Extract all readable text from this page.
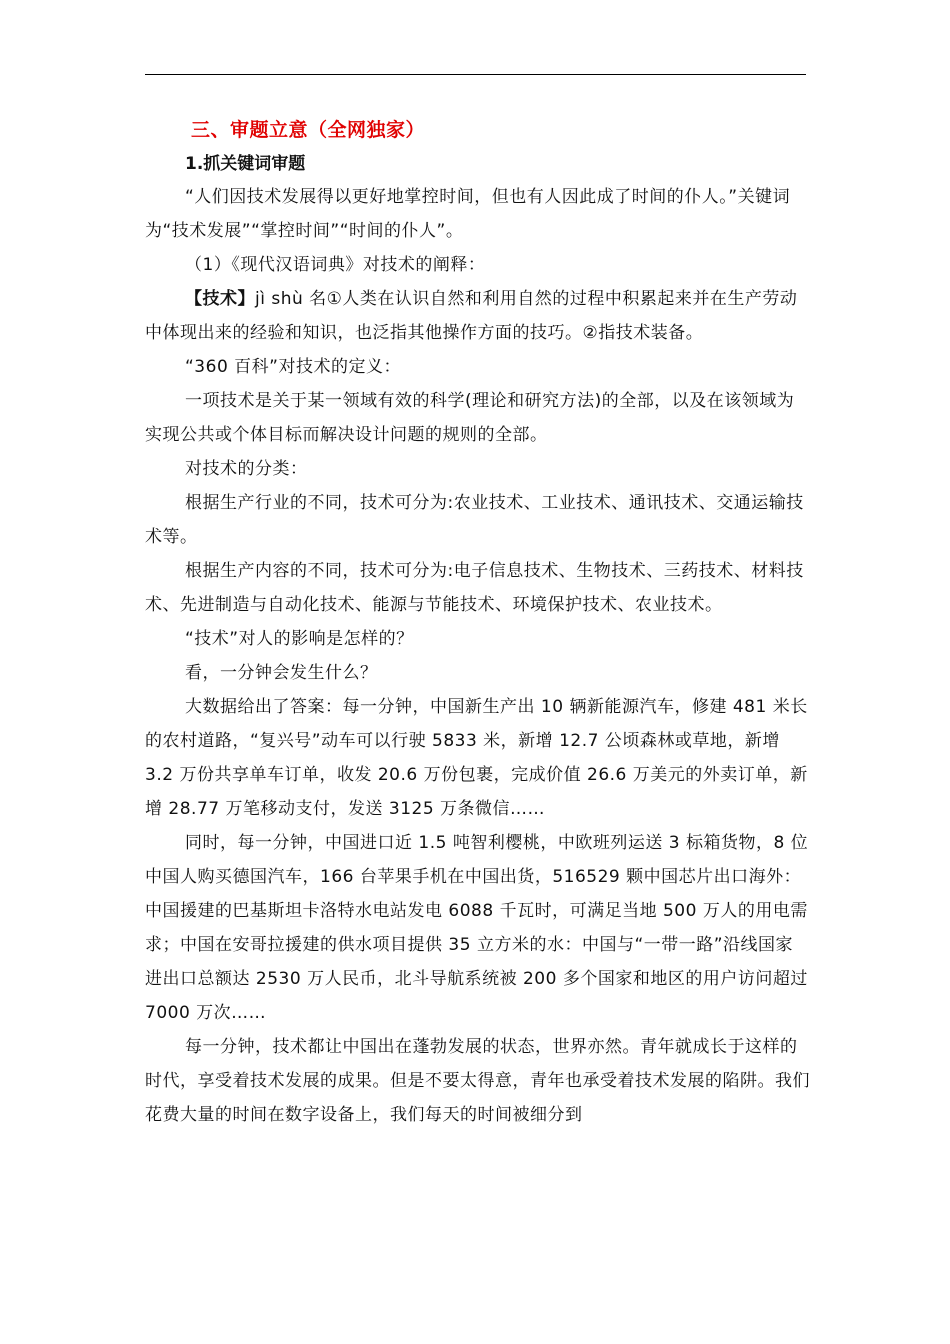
三、审题立意（全网独家）
1.抓关键词审题

“人们因技术发展得以更好地掌控时间，但也有人因此成了时间的仆人。”关键词为“技术发展”“掌控时间”“时间的仆人”。

（1）《现代汉语词典》对技术的阐释：

【技术】jì shù 名①人类在认识自然和利用自然的过程中积累起来并在生产劳动中体现出来的经验和知识，也泛指其他操作方面的技巧。②指技术装备。

“360 百科”对技术的定义：

一项技术是关于某一领域有效的科学(理论和研究方法)的全部，以及在该领域为实现公共或个体目标而解决设计问题的规则的全部。

对技术的分类：

根据生产行业的不同，技术可分为:农业技术、工业技术、通讯技术、交通运输技术等。

根据生产内容的不同，技术可分为:电子信息技术、生物技术、三药技术、材料技术、先进制造与自动化技术、能源与节能技术、环境保护技术、农业技术。

“技术”对人的影响是怎样的？

看，一分钟会发生什么？

大数据给出了答案：每一分钟，中国新生产出 10 辆新能源汽车，修建 481 米长的农村道路，“复兴号”动车可以行驶 5833 米，新增 12.7 公顷森林或草地，新增 3.2 万份共享单车订单，收发 20.6 万份包裹，完成价值 26.6 万美元的外卖订单，新增 28.77 万笔移动支付，发送 3125 万条微信……

同时，每一分钟，中国进口近 1.5 吨智利樱桃，中欧班列运送 3 标箱货物，8 位中国人购买德国汽车，166 台苹果手机在中国出货，516529 颗中国芯片出口海外：中国援建的巴基斯坦卡洛特水电站发电 6088 千瓦时，可满足当地 500 万人的用电需求；中国在安哥拉援建的供水项目提供 35 立方米的水：中国与“一带一路”沿线国家进出口总额达 2530 万人民币，北斗导航系统被 200 多个国家和地区的用户访问超过 7000 万次……

每一分钟，技术都让中国出在蓬勃发展的状态，世界亦然。青年就成长于这样的时代，享受着技术发展的成果。但是不要太得意，青年也承受着技术发展的陷阱。我们花费大量的时间在数字设备上，我们每天的时间被细分到
